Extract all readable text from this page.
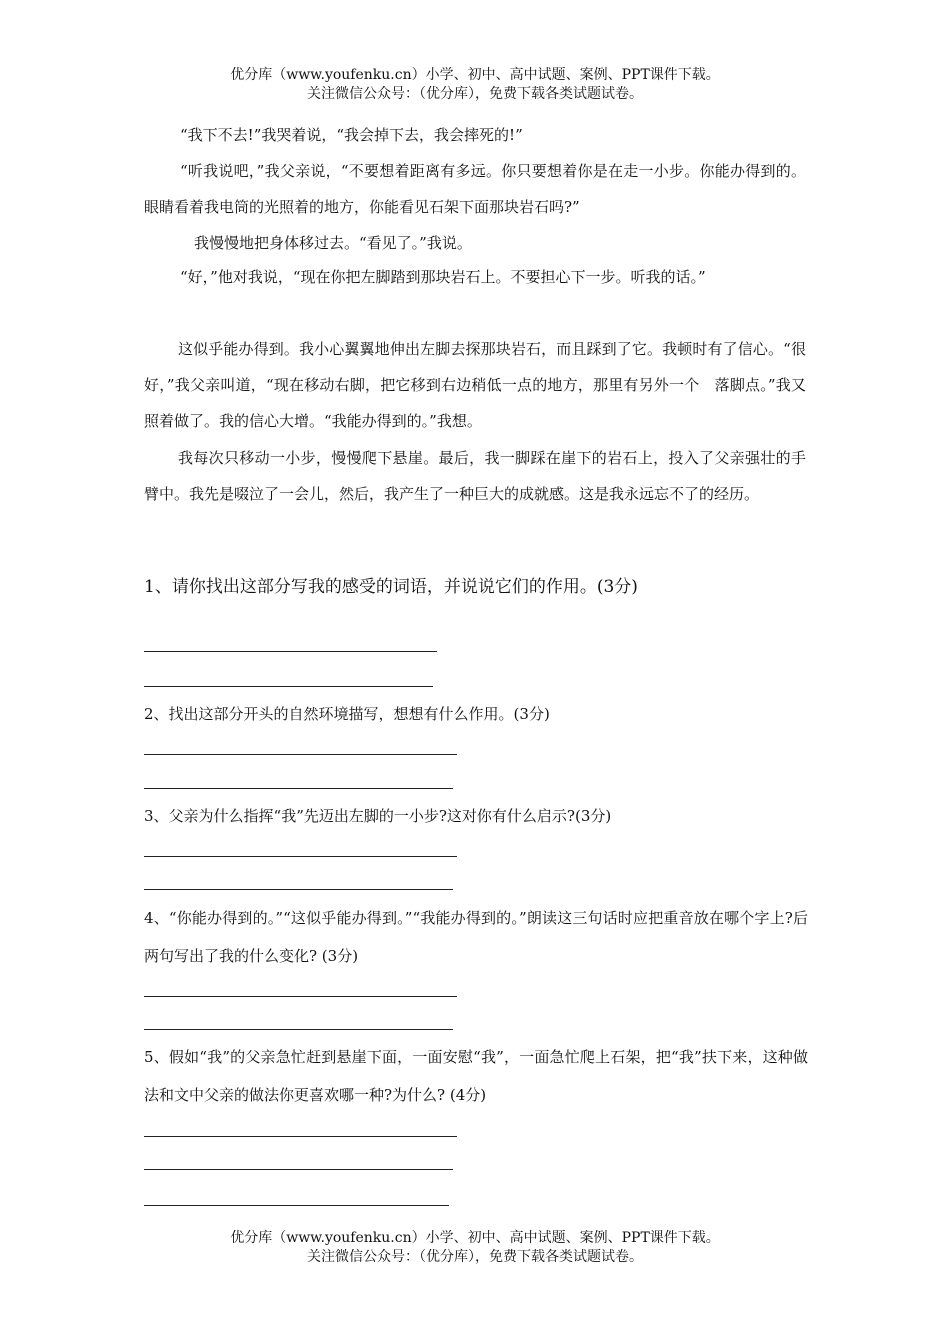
优分库（www.youfenku.cn）小学、初中、高中试题、案例、PPT课件下载。
关注微信公众号：（优分库），免费下载各类试题试卷。
“我下不去!”我哭着说，“我会掉下去，我会摔死的!”
“听我说吧，”我父亲说，“不要想着距离有多远。你只要想着你是在走一小步。你能办得到的。眼睛看着我电筒的光照着的地方，你能看见石架下面那块岩石吗?”
我慢慢地把身体移过去。“看见了。”我说。
“好，”他对我说，“现在你把左脚踏到那块岩石上。不要担心下一步。听我的话。”
这似乎能办得到。我小心翼翼地伸出左脚去探那块岩石，而且踩到了它。我顿时有了信心。“很好，”我父亲叫道，“现在移动右脚，把它移到右边稍低一点的地方，那里有另外一个　落脚点。”我又照着做了。我的信心大增。“我能办得到的。”我想。
我每次只移动一小步，慢慢爬下悬崖。最后，我一脚踩在崖下的岩石上，投入了父亲强壮的手臂中。我先是啜泣了一会儿，然后，我产生了一种巨大的成就感。这是我永远忘不了的经历。
1、请你找出这部分写我的感受的词语，并说说它们的作用。(3分)
2、找出这部分开头的自然环境描写，想想有什么作用。(3分)
3、父亲为什么指挥“我”先迈出左脚的一小步?这对你有什么启示?(3分)
4、“你能办得到的。”“这似乎能办得到。”“我能办得到的。”朗读这三句话时应把重音放在哪个字上?后两句写出了我的什么变化? (3分)
5、假如“我”的父亲急忙赶到悬崖下面，一面安慰“我”，一面急忙爬上石架，把“我”扶下来，这种做法和文中父亲的做法你更喜欢哪一种?为什么? (4分)
优分库（www.youfenku.cn）小学、初中、高中试题、案例、PPT课件下载。
关注微信公众号：（优分库），免费下载各类试题试卷。
